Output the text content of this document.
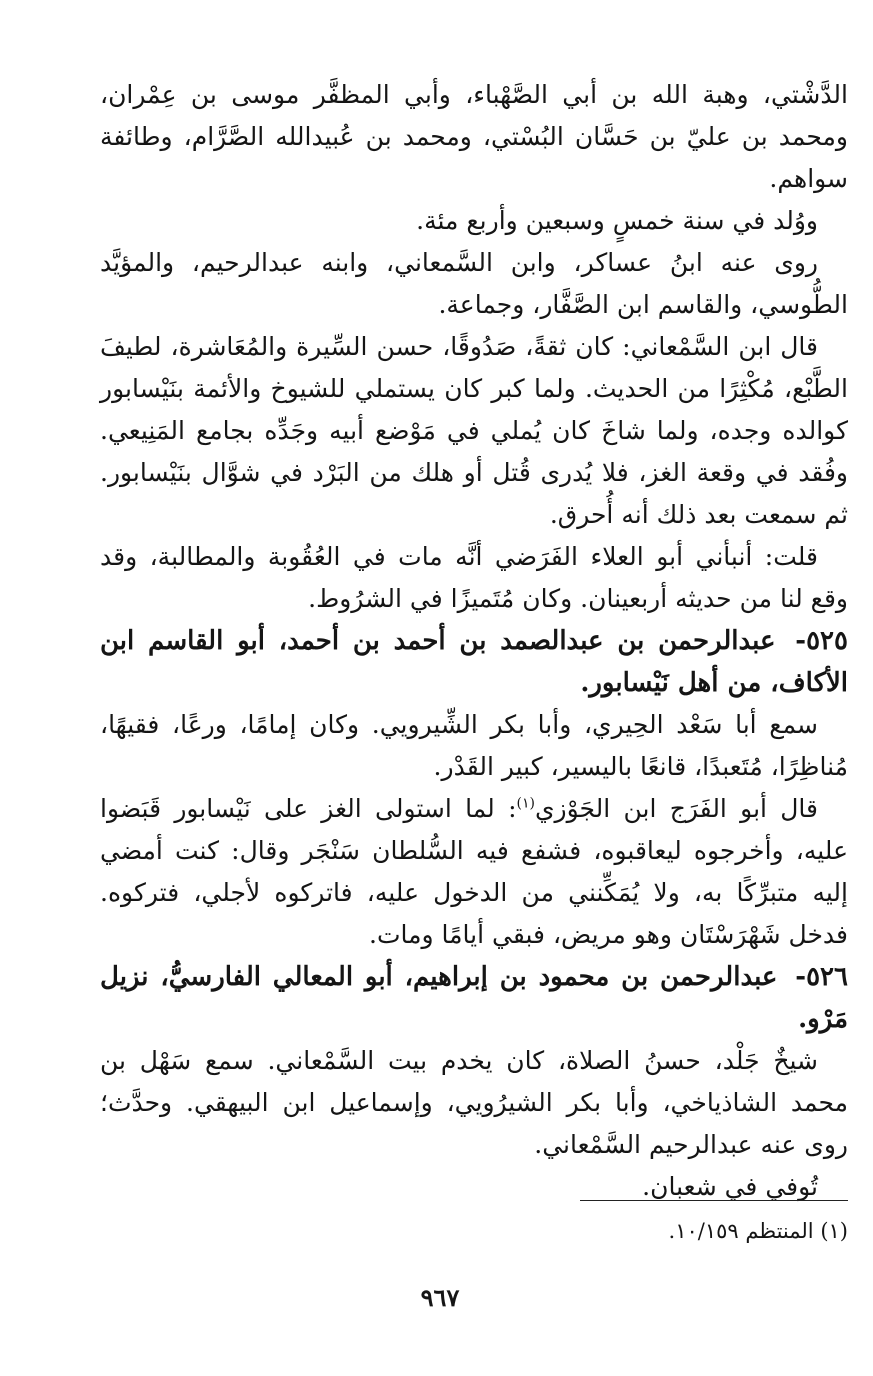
الدَّشْتي، وهبة الله بن أبي الصَّهْباء، وأبي المظفَّر موسى بن عِمْران، ومحمد بن عليّ بن حَسَّان البُسْتي، ومحمد بن عُبيدالله الصَّرَّام، وطائفة سواهم.

ووُلد في سنة خمسٍ وسبعين وأربع مئة.

روى عنه ابنُ عساكر، وابن السَّمعاني، وابنه عبدالرحيم، والمؤيَّد الطُّوسي، والقاسم ابن الصَّفَّار، وجماعة.

قال ابن السَّمْعاني: كان ثقةً، صَدُوقًا، حسن السِّيرة والمُعَاشرة، لطيفَ الطَّبْع، مُكْثِرًا من الحديث. ولما كبر كان يستملي للشيوخ والأئمة بنَيْسابور كوالده وجده، ولما شاخَ كان يُملي في مَوْضع أبيه وجَدِّه بجامع المَنِيعي. وفُقد في وقعة الغز، فلا يُدرى قُتل أو هلك من البَرْد في شوَّال بنَيْسابور. ثم سمعت بعد ذلك أنه أُحرق.

قلت: أنبأني أبو العلاء الفَرَضي أنَّه مات في العُقُوبة والمطالبة، وقد وقع لنا من حديثه أربعينان. وكان مُتَميزًا في الشرُوط.

٥٢٥- عبدالرحمن بن عبدالصمد بن أحمد بن أحمد، أبو القاسم ابن الأكاف، من أهل نَيْسابور.

سمع أبا سَعْد الحِيري، وأبا بكر الشِّيرويي. وكان إمامًا، ورعًا، فقيهًا، مُناظِرًا، مُتَعبدًا، قانعًا باليسير، كبير القَدْر.

قال أبو الفَرَج ابن الجَوْزي$^{(١)}$: لما استولى الغز على نَيْسابور قَبَضوا عليه، وأخرجوه ليعاقبوه، فشفع فيه السُّلطان سَنْجَر وقال: كنت أمضي إليه متبرِّكًا به، ولا يُمَكِّنني من الدخول عليه، فاتركوه لأجلي، فتركوه. فدخل شَهْرَسْتَان وهو مريض، فبقي أيامًا ومات.

٥٢٦- عبدالرحمن بن محمود بن إبراهيم، أبو المعالي الفارسيُّ، نزيل مَرْو.

شيخٌ جَلْد، حسنُ الصلاة، كان يخدم بيت السَّمْعاني. سمع سَهْل بن محمد الشاذياخي، وأبا بكر الشيرُويي، وإسماعيل ابن البيهقي. وحدَّث؛ روى عنه عبدالرحيم السَّمْعاني.

تُوفي في شعبان.

(١) المنتظم ١٠/١٥٩.
٩٦٧
